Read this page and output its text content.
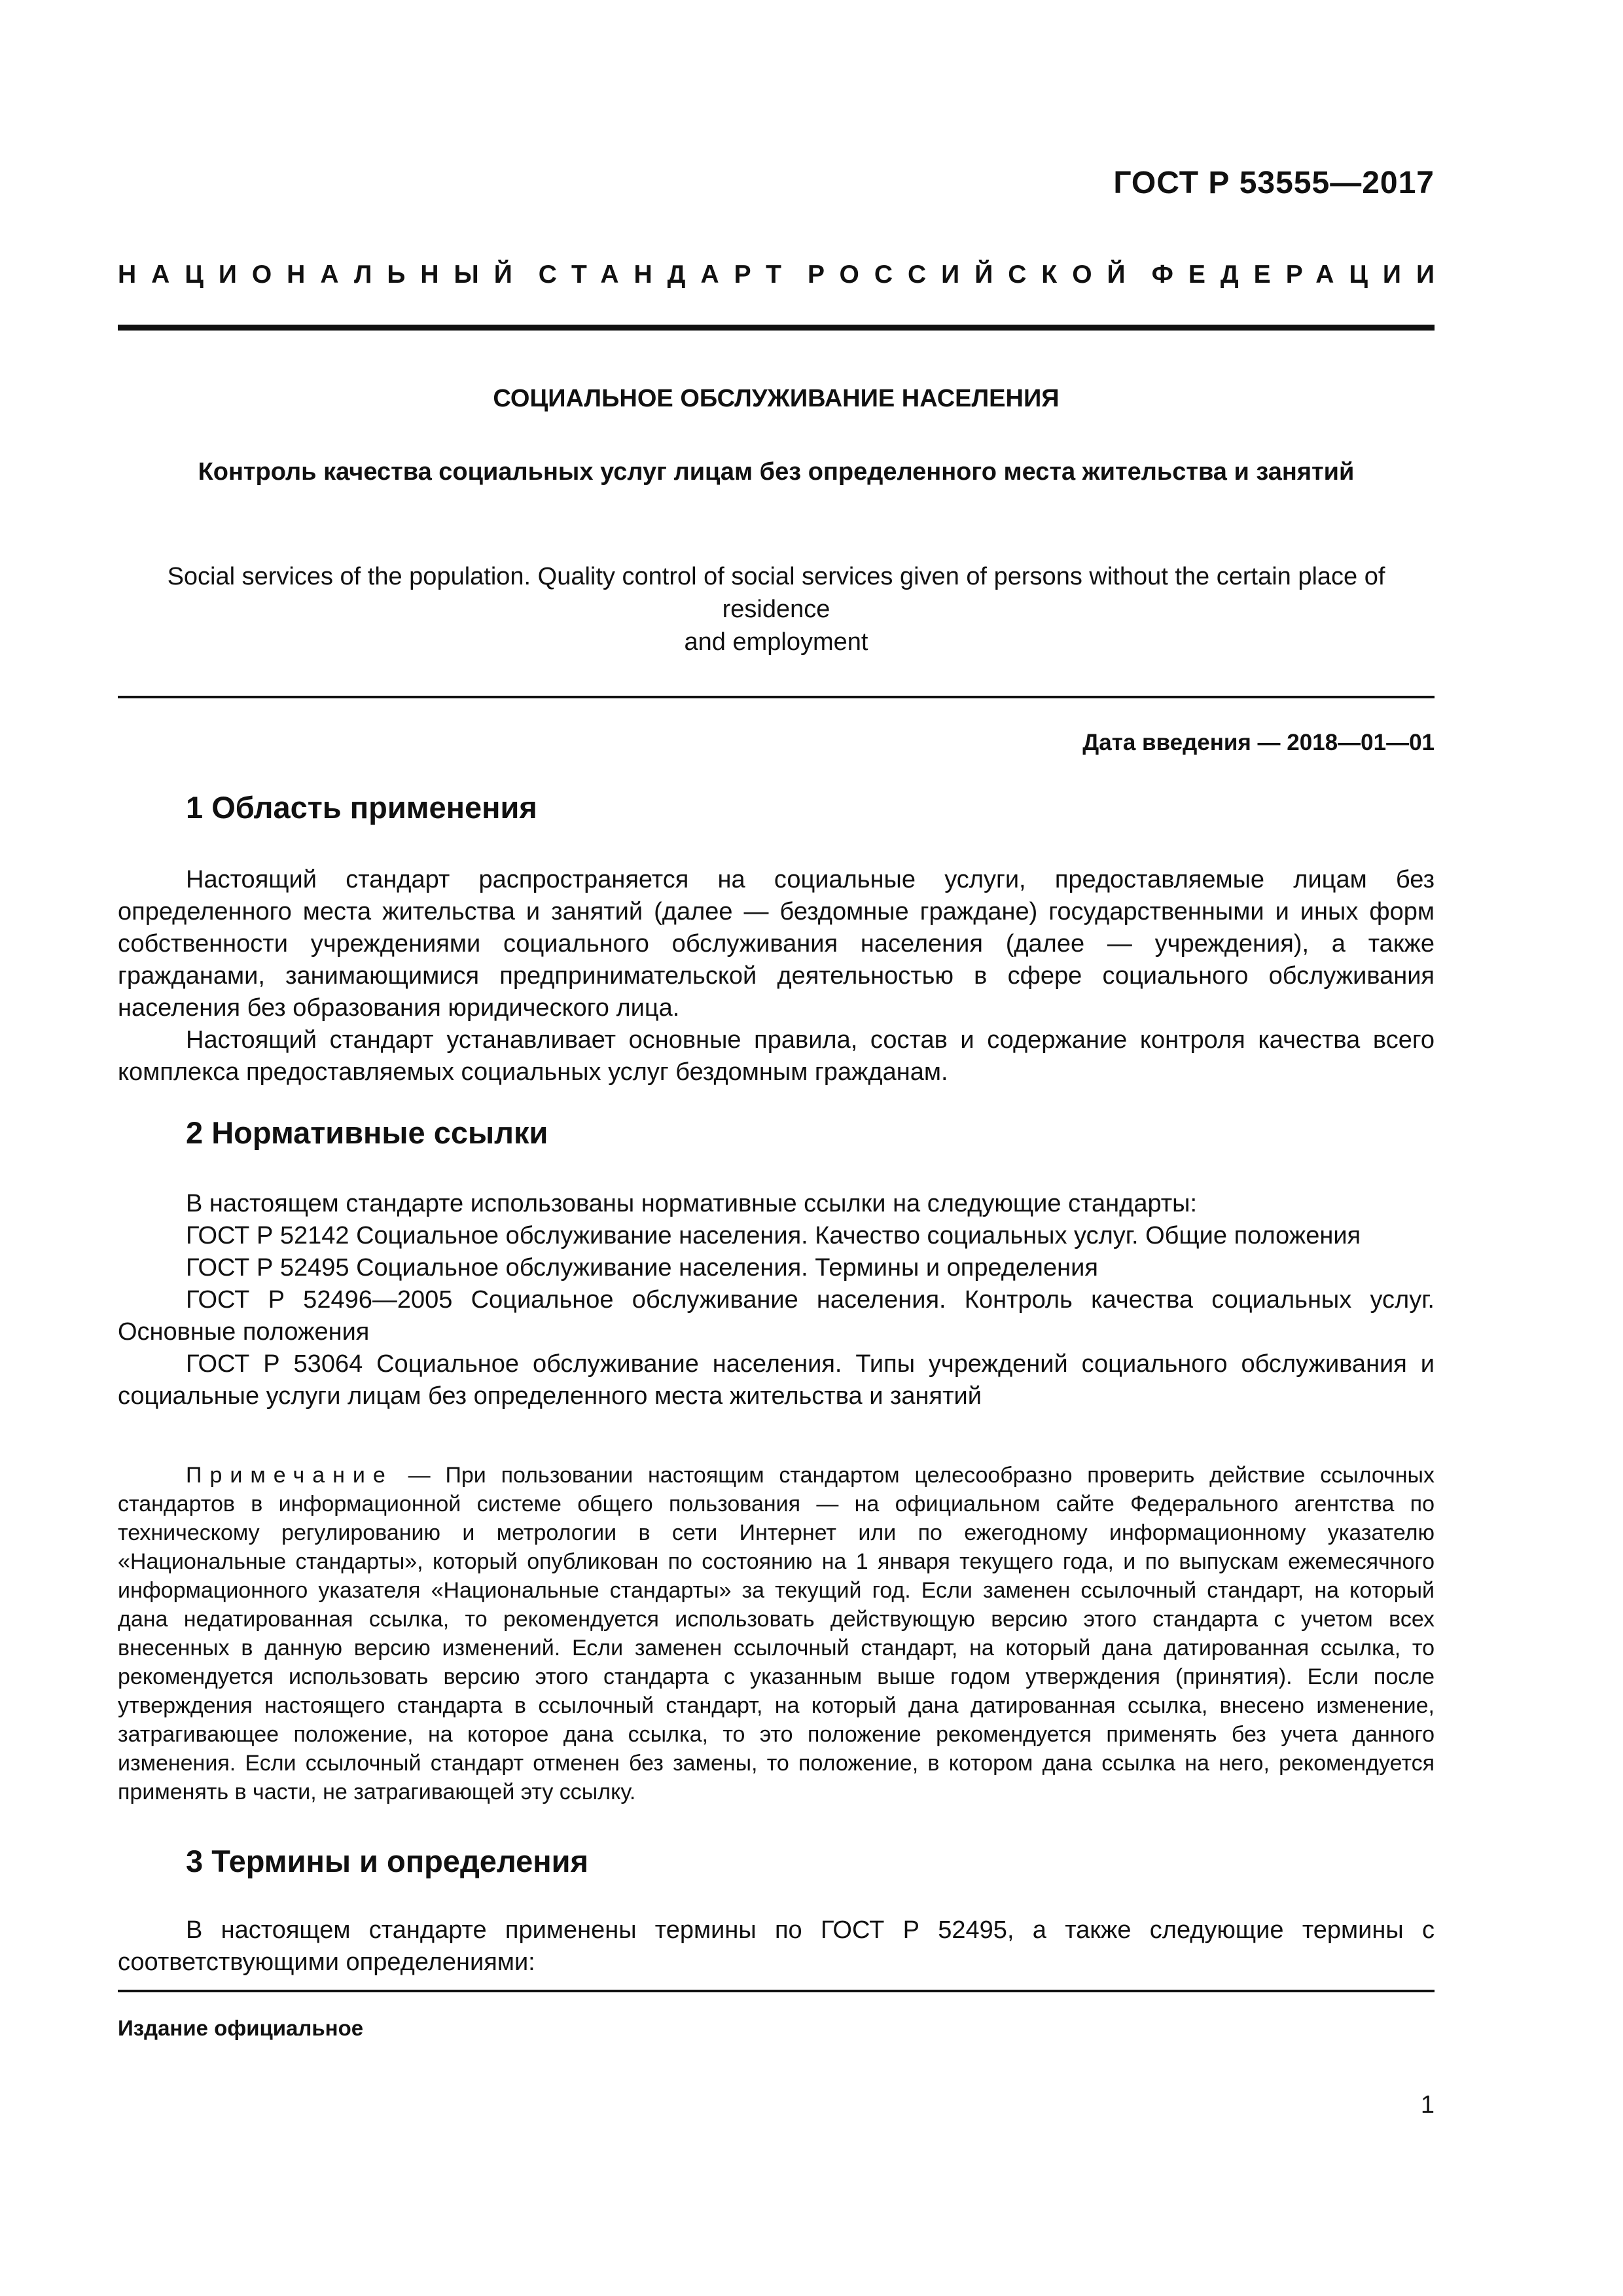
ГОСТ Р 53555—2017
НАЦИОНАЛЬНЫЙ СТАНДАРТ РОССИЙСКОЙ ФЕДЕРАЦИИ
СОЦИАЛЬНОЕ ОБСЛУЖИВАНИЕ НАСЕЛЕНИЯ
Контроль качества социальных услуг лицам без определенного места жительства и занятий
Social services of the population. Quality control of social services given of persons without the certain place of residence
and employment
Дата введения — 2018—01—01
1 Область применения

Настоящий стандарт распространяется на социальные услуги, предоставляемые лицам без определенного места жительства и занятий (далее — бездомные граждане) государственными и иных форм собственности учреждениями социального обслуживания населения (далее — учреждения), а также гражданами, занимающимися предпринимательской деятельностью в сфере социального обслуживания населения без образования юридического лица.

Настоящий стандарт устанавливает основные правила, состав и содержание контроля качества всего комплекса предоставляемых социальных услуг бездомным гражданам.

2 Нормативные ссылки

В настоящем стандарте использованы нормативные ссылки на следующие стандарты:

ГОСТ Р 52142 Социальное обслуживание населения. Качество социальных услуг. Общие положения

ГОСТ Р 52495 Социальное обслуживание населения. Термины и определения

ГОСТ Р 52496—2005 Социальное обслуживание населения. Контроль качества социальных услуг. Основные положения

ГОСТ Р 53064 Социальное обслуживание населения. Типы учреждений социального обслуживания и социальные услуги лицам без определенного места жительства и занятий

Примечание — При пользовании настоящим стандартом целесообразно проверить действие ссылочных стандартов в информационной системе общего пользования — на официальном сайте Федерального агентства по техническому регулированию и метрологии в сети Интернет или по ежегодному информационному указателю «Национальные стандарты», который опубликован по состоянию на 1 января текущего года, и по выпускам ежемесячного информационного указателя «Национальные стандарты» за текущий год. Если заменен ссылочный стандарт, на который дана недатированная ссылка, то рекомендуется использовать действующую версию этого стандарта с учетом всех внесенных в данную версию изменений. Если заменен ссылочный стандарт, на который дана датированная ссылка, то рекомендуется использовать версию этого стандарта с указанным выше годом утверждения (принятия). Если после утверждения настоящего стандарта в ссылочный стандарт, на который дана датированная ссылка, внесено изменение, затрагивающее положение, на которое дана ссылка, то это положение рекомендуется применять без учета данного изменения. Если ссылочный стандарт отменен без замены, то положение, в котором дана ссылка на него, рекомендуется применять в части, не затрагивающей эту ссылку.

3 Термины и определения

В настоящем стандарте применены термины по ГОСТ Р 52495, а также следующие термины с соответствующими определениями:

Издание официальное
1
